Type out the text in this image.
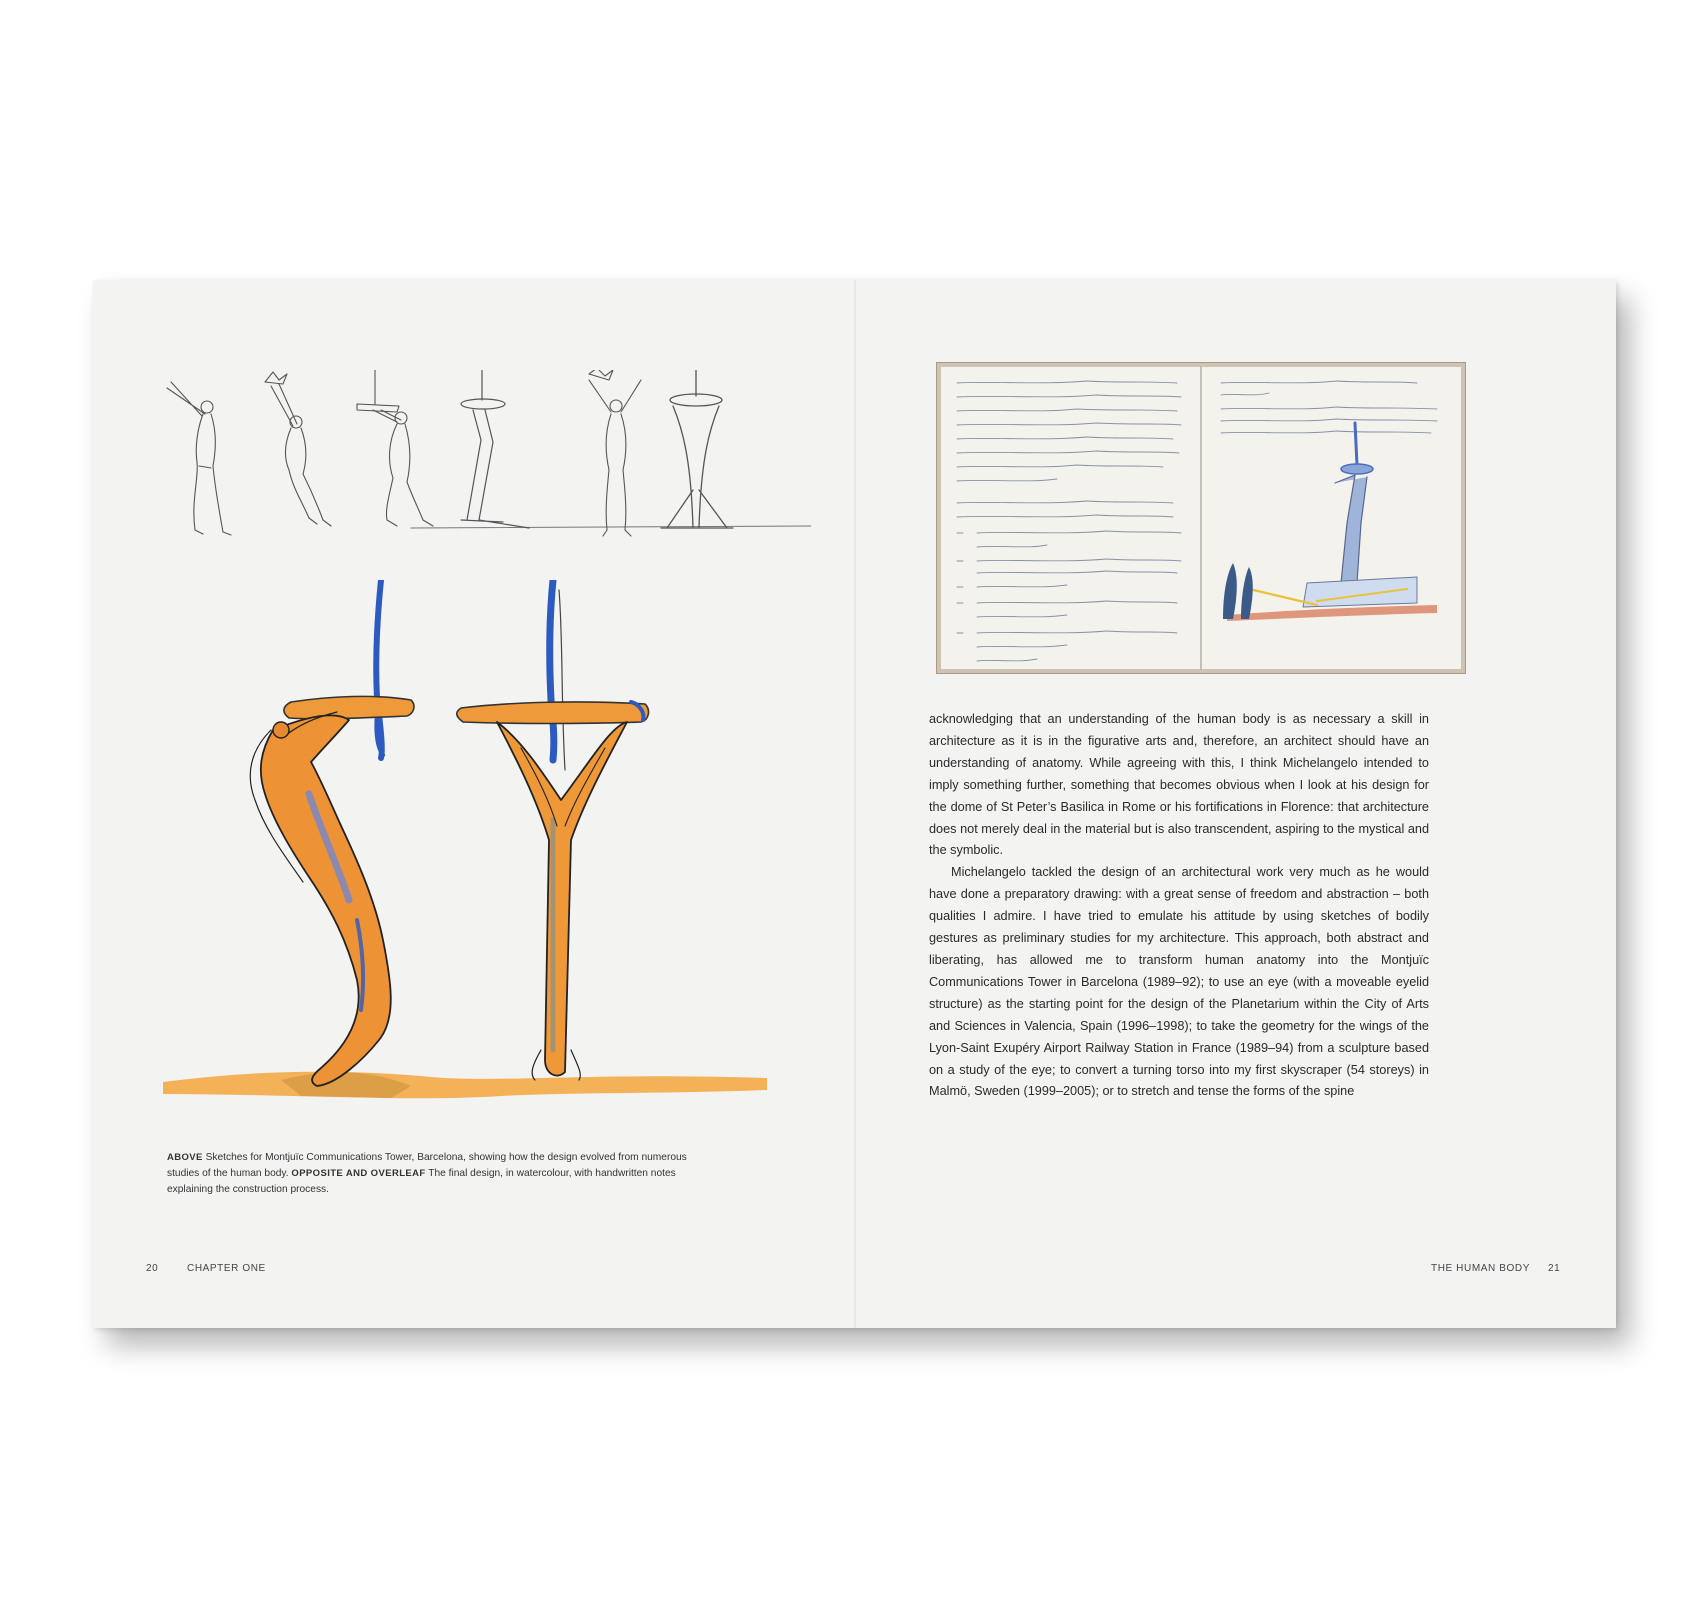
ABOVE Sketches for Montjuïc Communications Tower, Barcelona, showing how the design evolved from numerous studies of the human body. OPPOSITE AND OVERLEAF The final design, in watercolour, with handwritten notes explaining the construction process.
20	CHAPTER ONE

acknowledging that an understanding of the human body is as necessary a skill in architecture as it is in the figurative arts and, therefore, an architect should have an understanding of anatomy. While agreeing with this, I think Michelangelo intended to imply something further, something that becomes obvious when I look at his design for the dome of St Peter’s Basilica in Rome or his fortifications in Florence: that architecture does not merely deal in the material but is also transcendent, aspiring to the mystical and the symbolic.

Michelangelo tackled the design of an architectural work very much as he would have done a preparatory drawing: with a great sense of freedom and abstraction – both qualities I admire. I have tried to emulate his attitude by using sketches of bodily gestures as preliminary studies for my architecture. This approach, both abstract and liberating, has allowed me to transform human anatomy into the Montjuïc Communications Tower in Barcelona (1989–92); to use an eye (with a moveable eyelid structure) as the starting point for the design of the Planetarium within the City of Arts and Sciences in Valencia, Spain (1996–1998); to take the geometry for the wings of the Lyon-Saint Exupéry Airport Railway Station in France (1989–94) from a sculpture based on a study of the eye; to convert a turning torso into my first skyscraper (54 storeys) in Malmö, Sweden (1999–2005); or to stretch and tense the forms of the spine

THE HUMAN BODY 21
